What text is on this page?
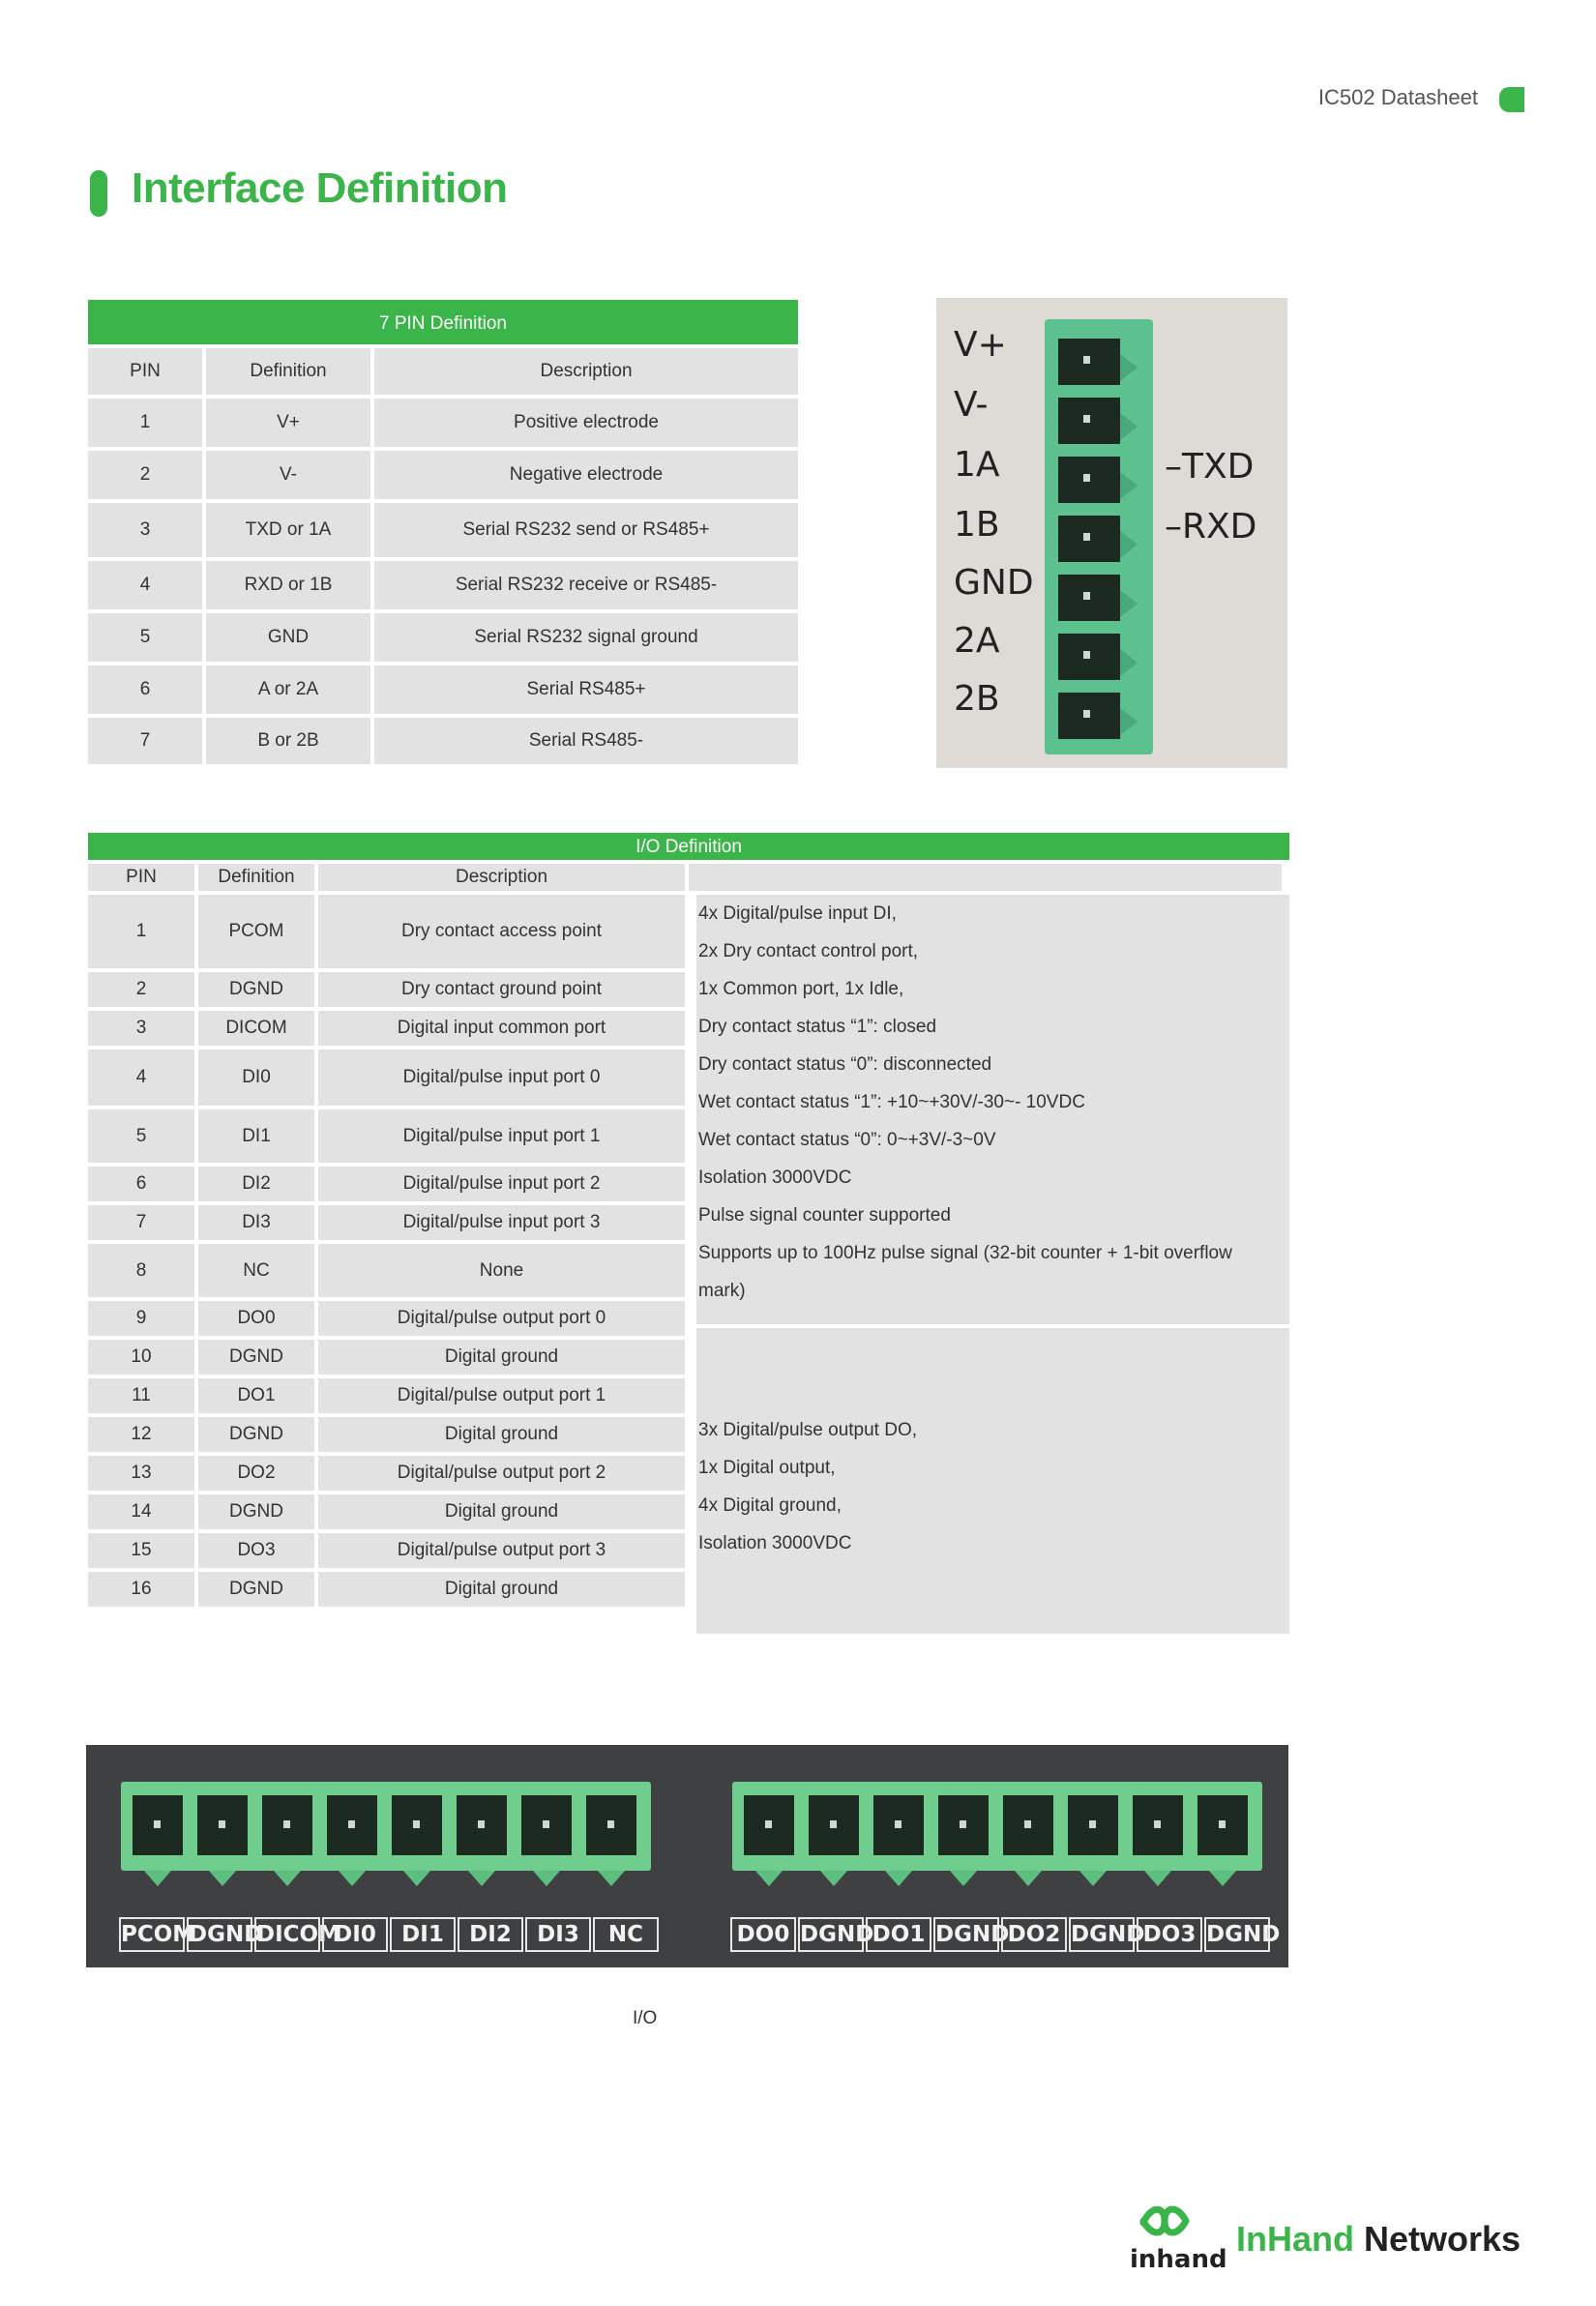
IC502 Datasheet
Interface Definition
7 PIN Definition
PIN	Definition	Description
1	V+	Positive electrode
2	V-	Negative electrode
3	TXD or 1A	Serial RS232 send or RS485+
4	RXD or 1B	Serial RS232 receive or RS485-
5	GND	Serial RS232 signal ground
6	A or 2A	Serial RS485+
7	B or 2B	Serial RS485-
V+
V-
1A
1B
GND
2A
2B
–TXD
–RXD
I/O Definition
PIN	Definition	Description
1	PCOM	Dry contact access point
2	DGND	Dry contact ground point
3	DICOM	Digital input common port
4	DI0	Digital/pulse input port 0
5	DI1	Digital/pulse input port 1
6	DI2	Digital/pulse input port 2
7	DI3	Digital/pulse input port 3
8	NC	None
9	DO0	Digital/pulse output port 0
10	DGND	Digital ground
11	DO1	Digital/pulse output port 1
12	DGND	Digital ground
13	DO2	Digital/pulse output port 2
14	DGND	Digital ground
15	DO3	Digital/pulse output port 3
16	DGND	Digital ground
4x Digital/pulse input DI,
2x Dry contact control port,
1x Common port, 1x Idle,
Dry contact status “1”: closed
Dry contact status “0”: disconnected
Wet contact status “1”: +10~+30V/-30~- 10VDC
Wet contact status “0”: 0~+3V/-3~0V
Isolation 3000VDC
Pulse signal counter supported
Supports up to 100Hz pulse signal (32-bit counter + 1-bit overflow
mark)
3x Digital/pulse output DO,
1x Digital output,
4x Digital ground,
Isolation 3000VDC
PCOM
DGND
DICOM
DI0	DI1	DI2	DI3	NC	DO0 DGND
DO1 DGND
DO2 DGND
DO3 DGND
I/O
inhand
InHand Networks
